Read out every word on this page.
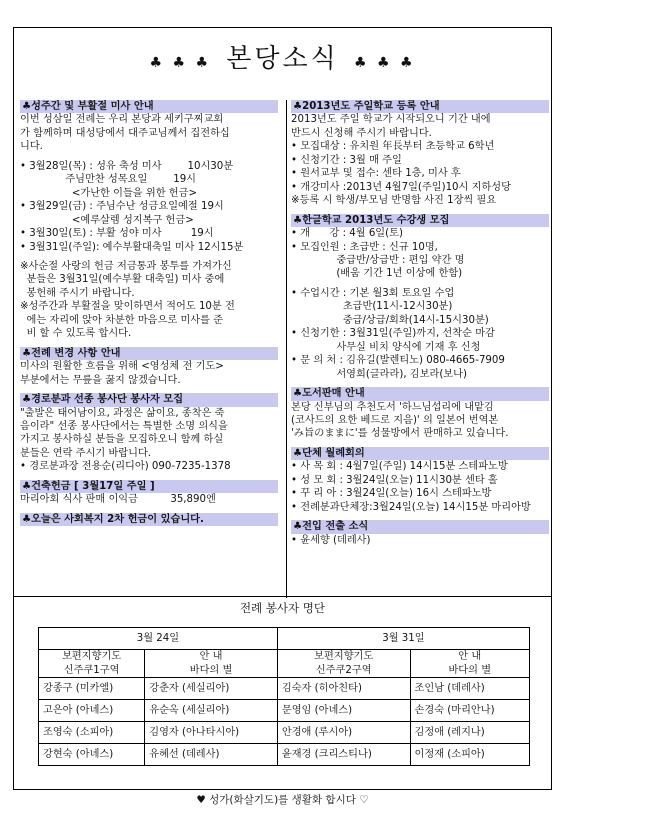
♣ ♣ ♣ 본당소식 ♣ ♣ ♣
♣성주간 및 부활절 미사 안내
이번 성삼일 전례는 우리 본당과 세키구찌교회
가 함께하며 대성당에서 대주교님께서 집전하십
니다.
• 3월28일(목) : 성유 축성 미사        10시30분
주님만찬 성목요일        19시
<가난한 이들을 위한 헌금>
• 3월29일(금) : 주님수난 성금요일예절 19시
<예루살렘 성지복구 헌금>
• 3월30일(토) : 부활 성야 미사         19시
• 3월31일(주일): 예수부활대축일 미사 12시15분
※사순절 사랑의 헌금 저금통과 봉투를 가져가신
분들은 3월31일(예수부활 대축일) 미사 중에
봉헌해 주시기 바랍니다.
※성주간과 부활절을 맞이하면서 적어도 10분 전
에는 자리에 앉아 차분한 마음으로 미사를 준
비 할 수 있도록 합시다.
♣전례 변경 사항 안내
미사의 원활한 흐름을 위해 <영성체 전 기도>
부분에서는 무릎을 꿇지 않겠습니다.
♣경로분과 선종 봉사단 봉사자 모집
"출발은 태어남이요, 과정은 삶이요, 종착은 죽
음이라" 선종 봉사단에서는 특별한 소명 의식을
가지고 봉사하실 분들을 모집하오니 함께 하실
분들은 연락 주시기 바랍니다.
• 경로분과장 전용순(리디아) 090-7235-1378
♣건축헌금 [ 3월17일 주일 ]
마리아회 식사 판매 이익금          35,890엔
♣오늘은 사회복지 2차 헌금이 있습니다.
♣2013년도 주일학교 등록 안내
2013년도 주일 학교가 시작되오니 기간 내에
반드시 신청해 주시기 바랍니다.
• 모집대상 : 유치원 年長부터 초등학교 6학년
• 신청기간 : 3월 매 주일
• 원서교부 및 접수: 센타 1층, 미사 후
• 개강미사 :2013년 4월7일(주일)10시 지하성당
※등록 시 학생/부모님 반명함 사진 1장씩 필요
♣한글학교 2013년도 수강생 모집
• 개      강 : 4월 6일(토)
• 모집인원 : 초급반 : 신규 10명,
중급반/상급반 : 편입 약간 명
(배움 기간 1년 이상에 한함)
• 수업시간 : 기본 월3회 토요일 수업
초급반(11시-12시30분)
중급/상급/회화(14시-15시30분)
• 신청기한 : 3월31일(주일)까지, 선착순 마감
사무실 비치 양식에 기재 후 신청
• 문 의 처 : 김유길(발렌티노) 080-4665-7909
서영희(글라라), 김보라(보나)
♣도서판매 안내
본당 신부님의 추천도서 '하느님섭리에 내맡김
(코사드의 요한 베드로 지음)' 의 일본어 번역본
'み旨のままに'를 성물방에서 판매하고 있습니다.
♣단체 월례회의
• 사 목 회 : 4월7일(주일) 14시15분 스테파노방
• 성 모 회 : 3월24일(오늘) 11시30분 센타 홀
• 꾸 리 아 : 3월24일(오늘) 16시 스테파노방
• 전례분과단체장:3월24일(오늘) 14시15분 마리아방
♣전입 전출 소식
• 윤세향 (데레사)
전례 봉사자 명단
3월 24일		3월 31일	
보편지향기도	안 내	보편지향기도	안 내
신주쿠1구역	바다의 별	신주쿠2구역	바다의 별
강종구 (미카엘)	강춘자 (세실리아)	김숙자 (히아친타)	조인남 (데레사)
고은아 (아녜스)	유순옥 (세실리아)	문영임 (아녜스)	손경숙 (마리안나)
조영숙 (소피아)	김영자 (아나타시아)	안경애 (루시아)	김정애 (레지나)
강현숙 (아녜스)	유혜선 (데레사)	윤재경 (크리스티나)	이정재 (소피아)
♥ 성가(화살기도)를 생활화 합시다 ♡
